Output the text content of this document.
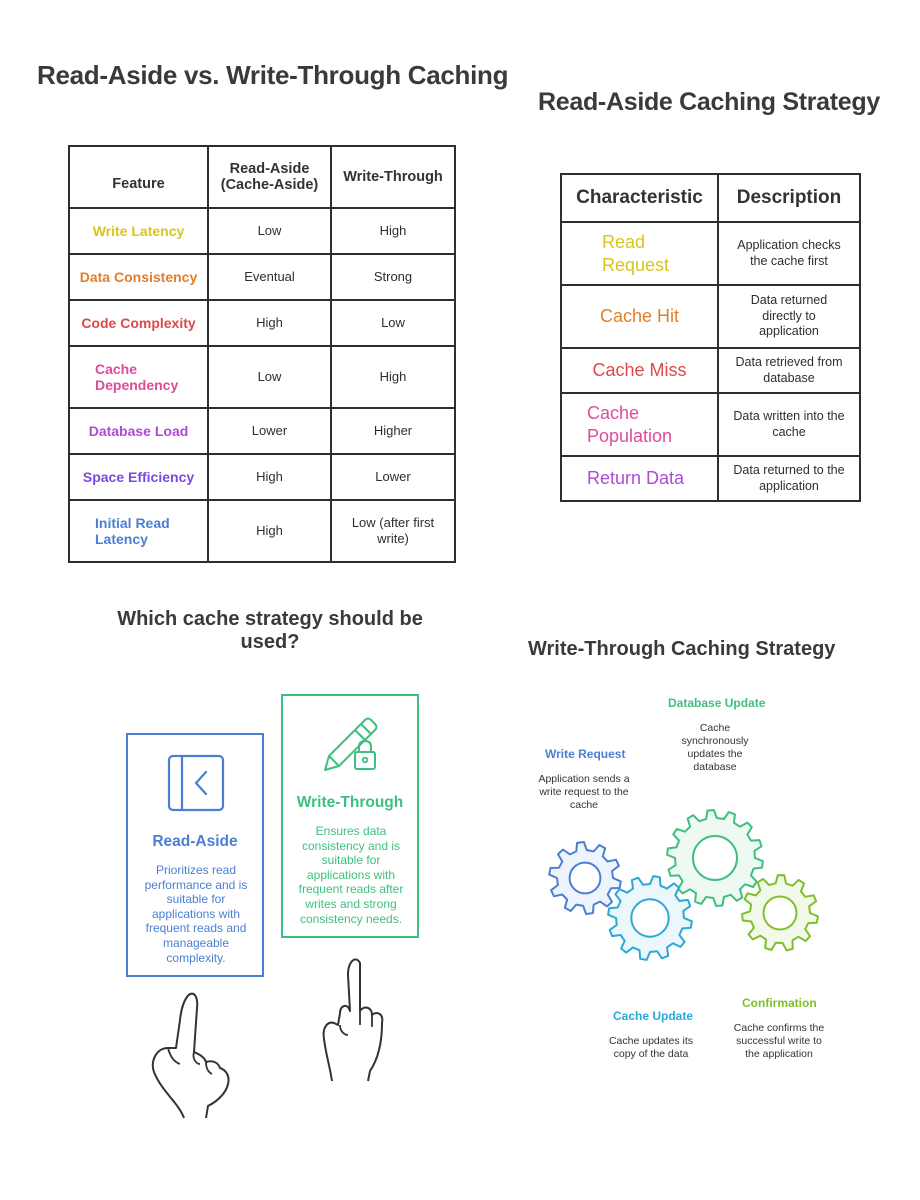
Read-Aside vs. Write-Through Caching
Read-Aside Caching Strategy
Which cache strategy should be used?	Write-Through Caching Strategy
Feature	Read-Aside (Cache-Aside)	Write-Through
Write Latency	Low	High
Data Consistency	Eventual	Strong
Code Complexity	High	Low
Cache Dependency	Low	High
Database Load	Lower	Higher
Space Efficiency	High	Lower
Initial Read Latency	High	Low (after first write)
Characteristic	Description
Read Request	Application checks the cache first
Cache Hit	Data returned directly to application
Cache Miss	Data retrieved from database
Cache Population	Data written into the cache
Return Data	Data returned to the application
Read-Aside
Prioritizes read performance and is suitable for applications with frequent reads and manageable complexity.
Write-Through
Ensures data consistency and is suitable for applications with frequent reads after writes and strong consistency needs.
Write Request
Application sends a write request to the cache
Database Update
Cache synchronously updates the database
Cache Update
Cache updates its copy of the data
Confirmation
Cache confirms the successful write to the application
